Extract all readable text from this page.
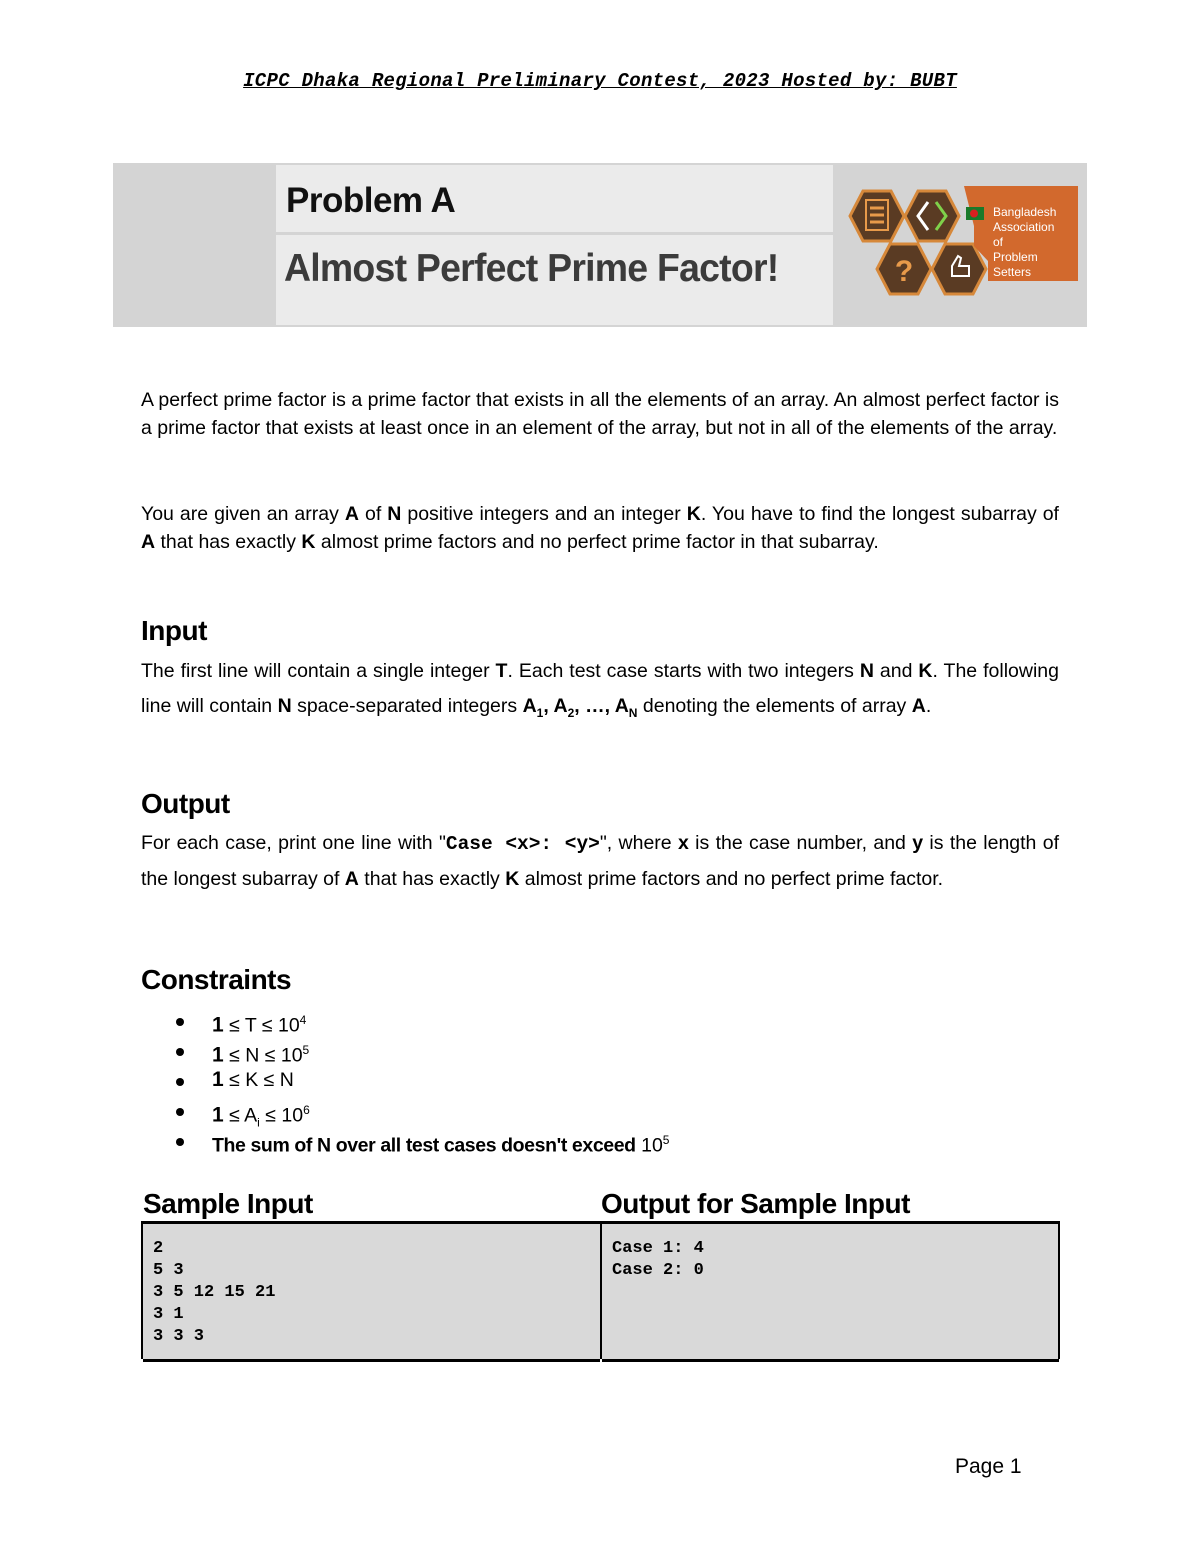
ICPC Dhaka Regional Preliminary Contest, 2023 Hosted by: BUBT
Problem A
Almost Perfect Prime Factor!	?
Bangladesh
Association
of
Problem
Setters

A perfect prime factor is a prime factor that exists in all the elements of an array. An almost perfect factor is a prime factor that exists at least once in an element of the array, but not in all of the elements of the array.

You are given an array A of N positive integers and an integer K. You have to find the longest subarray of A that has exactly K almost prime factors and no perfect prime factor in that subarray.

Input

The first line will contain a single integer T. Each test case starts with two integers N and K. The following line will contain N space-separated integers $A_1$, $A_2$, …, $A_N$ denoting the elements of array A.

Output

For each case, print one line with "Case <x>: <y>", where x is the case number, and y is the length of the longest subarray of A that has exactly K almost prime factors and no perfect prime factor.

Constraints
$1 \le T \le 10^4$
$1 \le N \le 10^5$
1 ≤ K ≤ N
$1 \le A_i \le 10^6$
The sum of N over all test cases doesn't exceed $10^5$
Sample Input	Output for Sample Input
2
5 3
3 5 12 15 21
3 1
3 3 3
Case 1: 4
Case 2: 0
Page 1
